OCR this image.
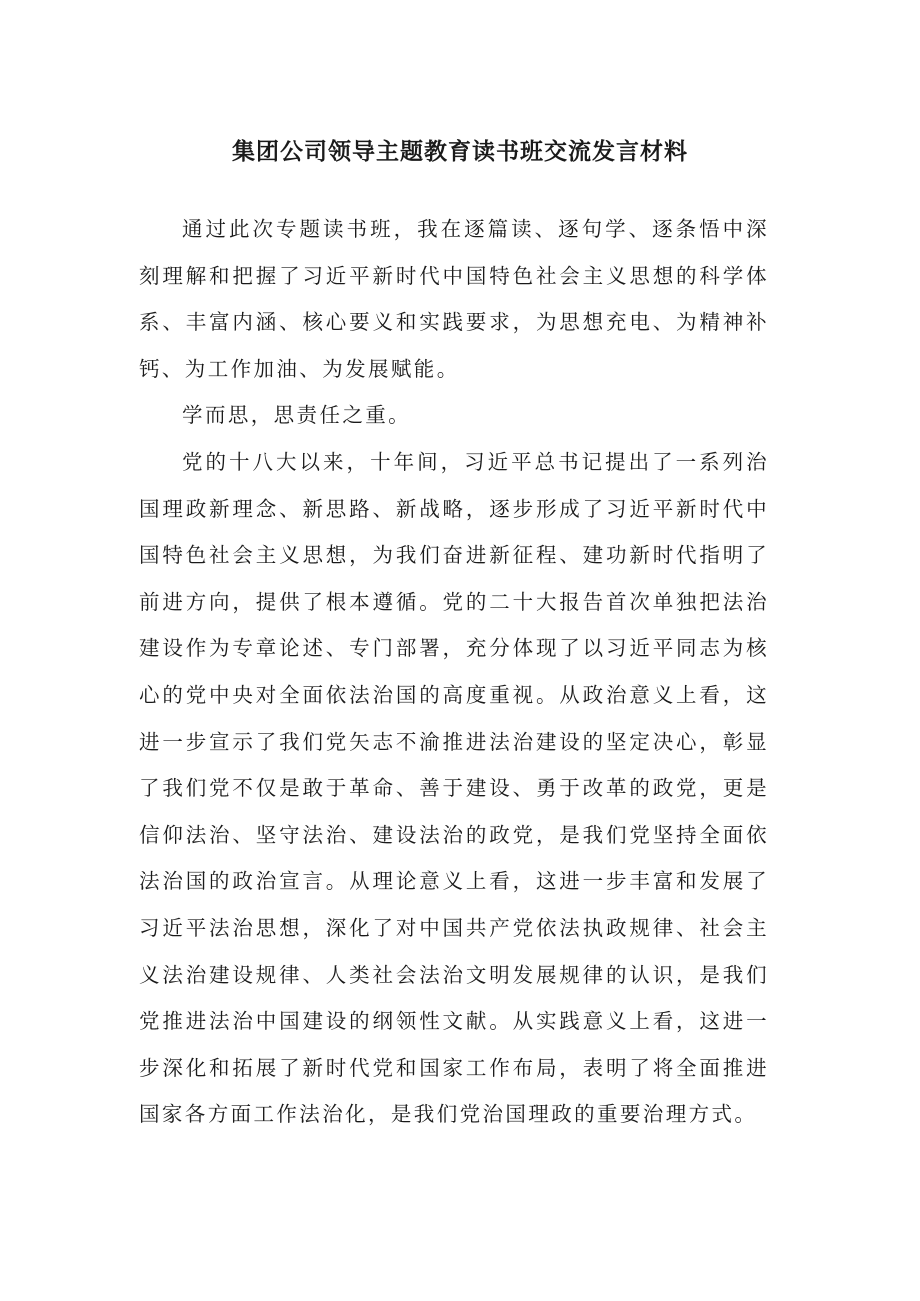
集团公司领导主题教育读书班交流发言材料

通过此次专题读书班，我在逐篇读、逐句学、逐条悟中深刻理解和把握了习近平新时代中国特色社会主义思想的科学体系、丰富内涵、核心要义和实践要求，为思想充电、为精神补钙、为工作加油、为发展赋能。

学而思，思责任之重。

党的十八大以来，十年间，习近平总书记提出了一系列治国理政新理念、新思路、新战略，逐步形成了习近平新时代中国特色社会主义思想，为我们奋进新征程、建功新时代指明了前进方向，提供了根本遵循。党的二十大报告首次单独把法治建设作为专章论述、专门部署，充分体现了以习近平同志为核心的党中央对全面依法治国的高度重视。从政治意义上看，这进一步宣示了我们党矢志不渝推进法治建设的坚定决心，彰显了我们党不仅是敢于革命、善于建设、勇于改革的政党，更是信仰法治、坚守法治、建设法治的政党，是我们党坚持全面依法治国的政治宣言。从理论意义上看，这进一步丰富和发展了习近平法治思想，深化了对中国共产党依法执政规律、社会主义法治建设规律、人类社会法治文明发展规律的认识，是我们党推进法治中国建设的纲领性文献。从实践意义上看，这进一步深化和拓展了新时代党和国家工作布局，表明了将全面推进国家各方面工作法治化，是我们党治国理政的重要治理方式。
